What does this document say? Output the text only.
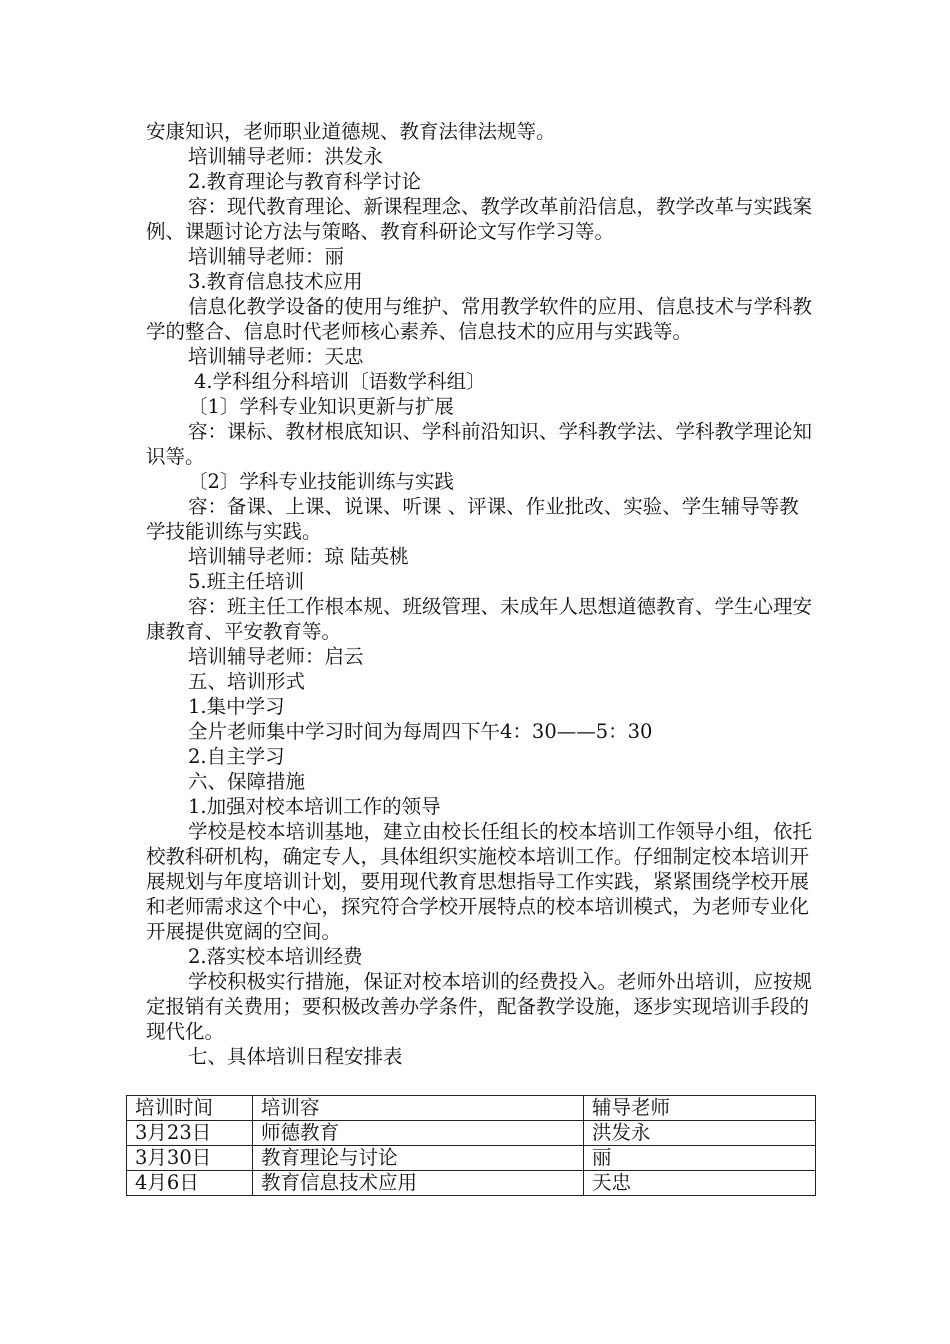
安康知识，老师职业道德规、教育法律法规等。

培训辅导老师：洪发永

2.教育理论与教育科学讨论

容：现代教育理论、新课程理念、教学改革前沿信息，教学改革与实践案例、课题讨论方法与策略、教育科研论文写作学习等。

培训辅导老师：丽

3.教育信息技术应用

信息化教学设备的使用与维护、常用教学软件的应用、信息技术与学科教学的整合、信息时代老师核心素养、信息技术的应用与实践等。

培训辅导老师：天忠

4.学科组分科培训〔语数学科组〕

〔1〕学科专业知识更新与扩展

容：课标、教材根底知识、学科前沿知识、学科教学法、学科教学理论知识等。

〔2〕学科专业技能训练与实践

容：备课、上课、说课、听课 、评课、作业批改、实验、学生辅导等教学技能训练与实践。

培训辅导老师：琼 陆英桃

5.班主任培训

容：班主任工作根本规、班级管理、未成年人思想道德教育、学生心理安康教育、平安教育等。

培训辅导老师：启云

五、培训形式

1.集中学习

全片老师集中学习时间为每周四下午4：30——5：30

2.自主学习

六、保障措施

1.加强对校本培训工作的领导

学校是校本培训基地，建立由校长任组长的校本培训工作领导小组，依托校教科研机构，确定专人，具体组织实施校本培训工作。仔细制定校本培训开展规划与年度培训计划，要用现代教育思想指导工作实践，紧紧围绕学校开展和老师需求这个中心，探究符合学校开展特点的校本培训模式，为老师专业化开展提供宽阔的空间。

2.落实校本培训经费

学校积极实行措施，保证对校本培训的经费投入。老师外出培训，应按规定报销有关费用；要积极改善办学条件，配备教学设施，逐步实现培训手段的现代化。

七、具体培训日程安排表

培训时间	培训容	辅导老师
3月23日	师德教育	洪发永
3月30日	教育理论与讨论	丽
4月6日	教育信息技术应用	天忠
